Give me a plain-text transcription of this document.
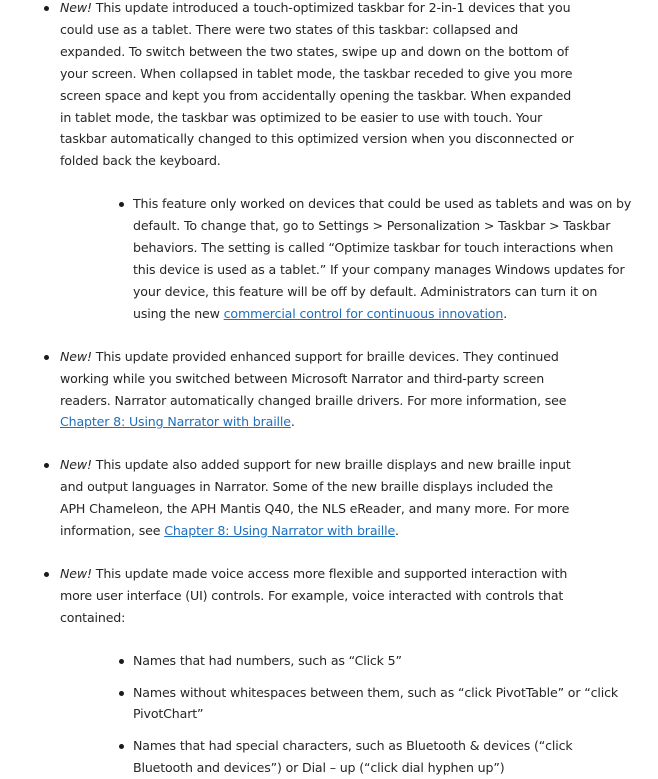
New! This update introduced a touch-optimized taskbar for 2-in-1 devices that you could use as a tablet. There were two states of this taskbar: collapsed and expanded. To switch between the two states, swipe up and down on the bottom of your screen. When collapsed in tablet mode, the taskbar receded to give you more screen space and kept you from accidentally opening the taskbar. When expanded in tablet mode, the taskbar was optimized to be easier to use with touch. Your taskbar automatically changed to this optimized version when you disconnected or folded back the keyboard.
This feature only worked on devices that could be used as tablets and was on by default. To change that, go to Settings > Personalization > Taskbar > Taskbar behaviors. The setting is called “Optimize taskbar for touch interactions when this device is used as a tablet.” If your company manages Windows updates for your device, this feature will be off by default. Administrators can turn it on using the new commercial control for continuous innovation.
New! This update provided enhanced support for braille devices. They continued working while you switched between Microsoft Narrator and third-party screen readers. Narrator automatically changed braille drivers. For more information, see Chapter 8: Using Narrator with braille.
New! This update also added support for new braille displays and new braille input and output languages in Narrator. Some of the new braille displays included the APH Chameleon, the APH Mantis Q40, the NLS eReader, and many more. For more information, see Chapter 8: Using Narrator with braille.
New! This update made voice access more flexible and supported interaction with more user interface (UI) controls. For example, voice interacted with controls that contained:
Names that had numbers, such as “Click 5”
Names without whitespaces between them, such as “click PivotTable” or “click PivotChart”
Names that had special characters, such as Bluetooth & devices (“click Bluetooth and devices”) or Dial – up (“click dial hyphen up”)
